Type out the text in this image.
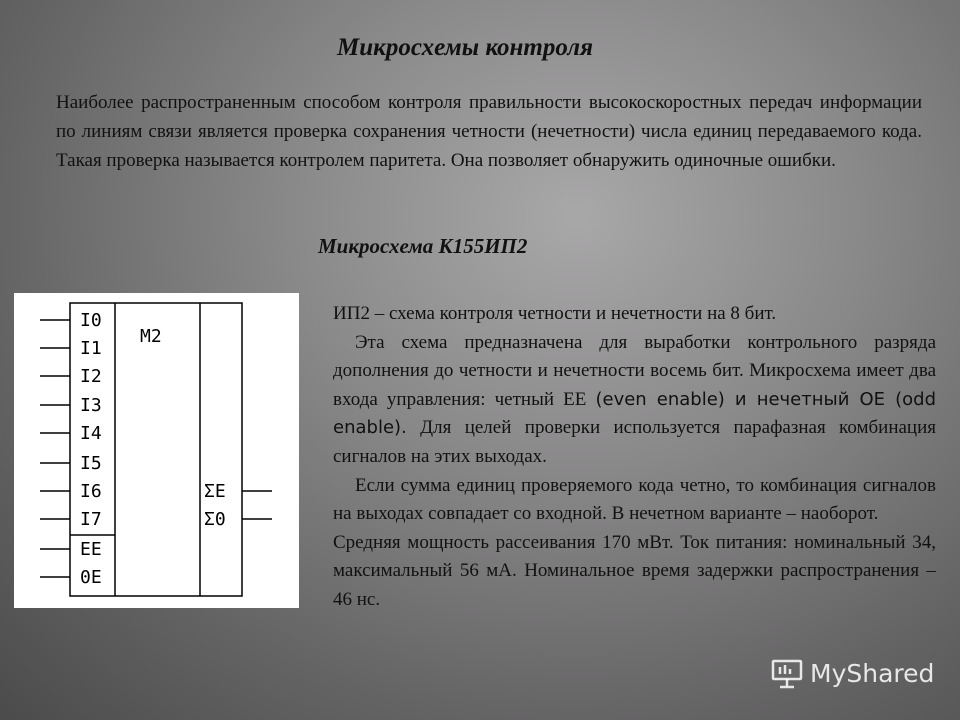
Микросхемы контроля
Наиболее распространенным способом контроля правильности высокоскоростных передач информации по линиям связи является проверка сохранения четности (нечетности) числа единиц передаваемого кода. Такая проверка называется контролем паритета. Она позволяет обнаружить одиночные ошибки.
Микросхема К155ИП2
M2
I0
I1
I2
I3
I4
I5
I6
I7
EE
0E
ΣE
Σ0

ИП2 – схема контроля четности и нечетности на 8 бит.

Эта схема предназначена для выработки контрольного разряда дополнения до четности и нечетности восемь бит. Микросхема имеет два входа управления: четный ЕЕ (even enable) и нечетный ОЕ (odd enable). Для целей проверки используется парафазная комбинация сигналов на этих выходах.

Если сумма единиц проверяемого кода четно, то комбинация сигналов на выходах совпадает со входной. В нечетном варианте – наоборот.

Средняя мощность рассеивания 170 мВт. Ток питания: номинальный 34, максимальный 56 мА. Номинальное время задержки распространения – 46 нс.

MyShared
